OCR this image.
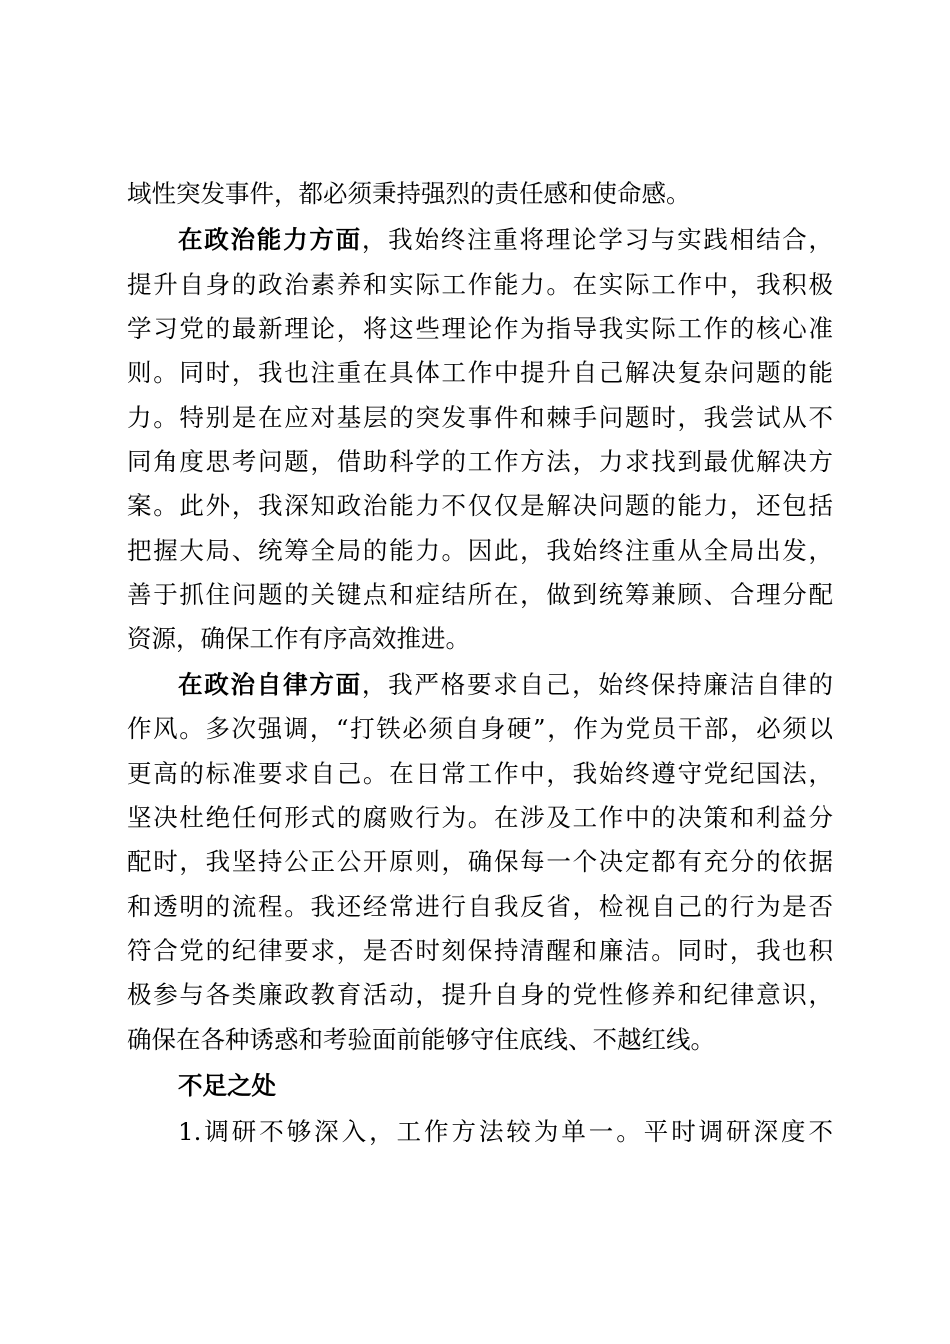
域性突发事件，都必须秉持强烈的责任感和使命感。
在政治能力方面，我始终注重将理论学习与实践相结合，
提升自身的政治素养和实际工作能力。在实际工作中，我积极
学习党的最新理论，将这些理论作为指导我实际工作的核心准
则。同时，我也注重在具体工作中提升自己解决复杂问题的能
力。特别是在应对基层的突发事件和棘手问题时，我尝试从不
同角度思考问题，借助科学的工作方法，力求找到最优解决方
案。此外，我深知政治能力不仅仅是解决问题的能力，还包括
把握大局、统筹全局的能力。因此，我始终注重从全局出发，
善于抓住问题的关键点和症结所在，做到统筹兼顾、合理分配
资源，确保工作有序高效推进。
在政治自律方面，我严格要求自己，始终保持廉洁自律的
作风。多次强调，“打铁必须自身硬”，作为党员干部，必须以
更高的标准要求自己。在日常工作中，我始终遵守党纪国法，
坚决杜绝任何形式的腐败行为。在涉及工作中的决策和利益分
配时，我坚持公正公开原则，确保每一个决定都有充分的依据
和透明的流程。我还经常进行自我反省，检视自己的行为是否
符合党的纪律要求，是否时刻保持清醒和廉洁。同时，我也积
极参与各类廉政教育活动，提升自身的党性修养和纪律意识，
确保在各种诱惑和考验面前能够守住底线、不越红线。
不足之处
1.调研不够深入，工作方法较为单一。平时调研深度不
